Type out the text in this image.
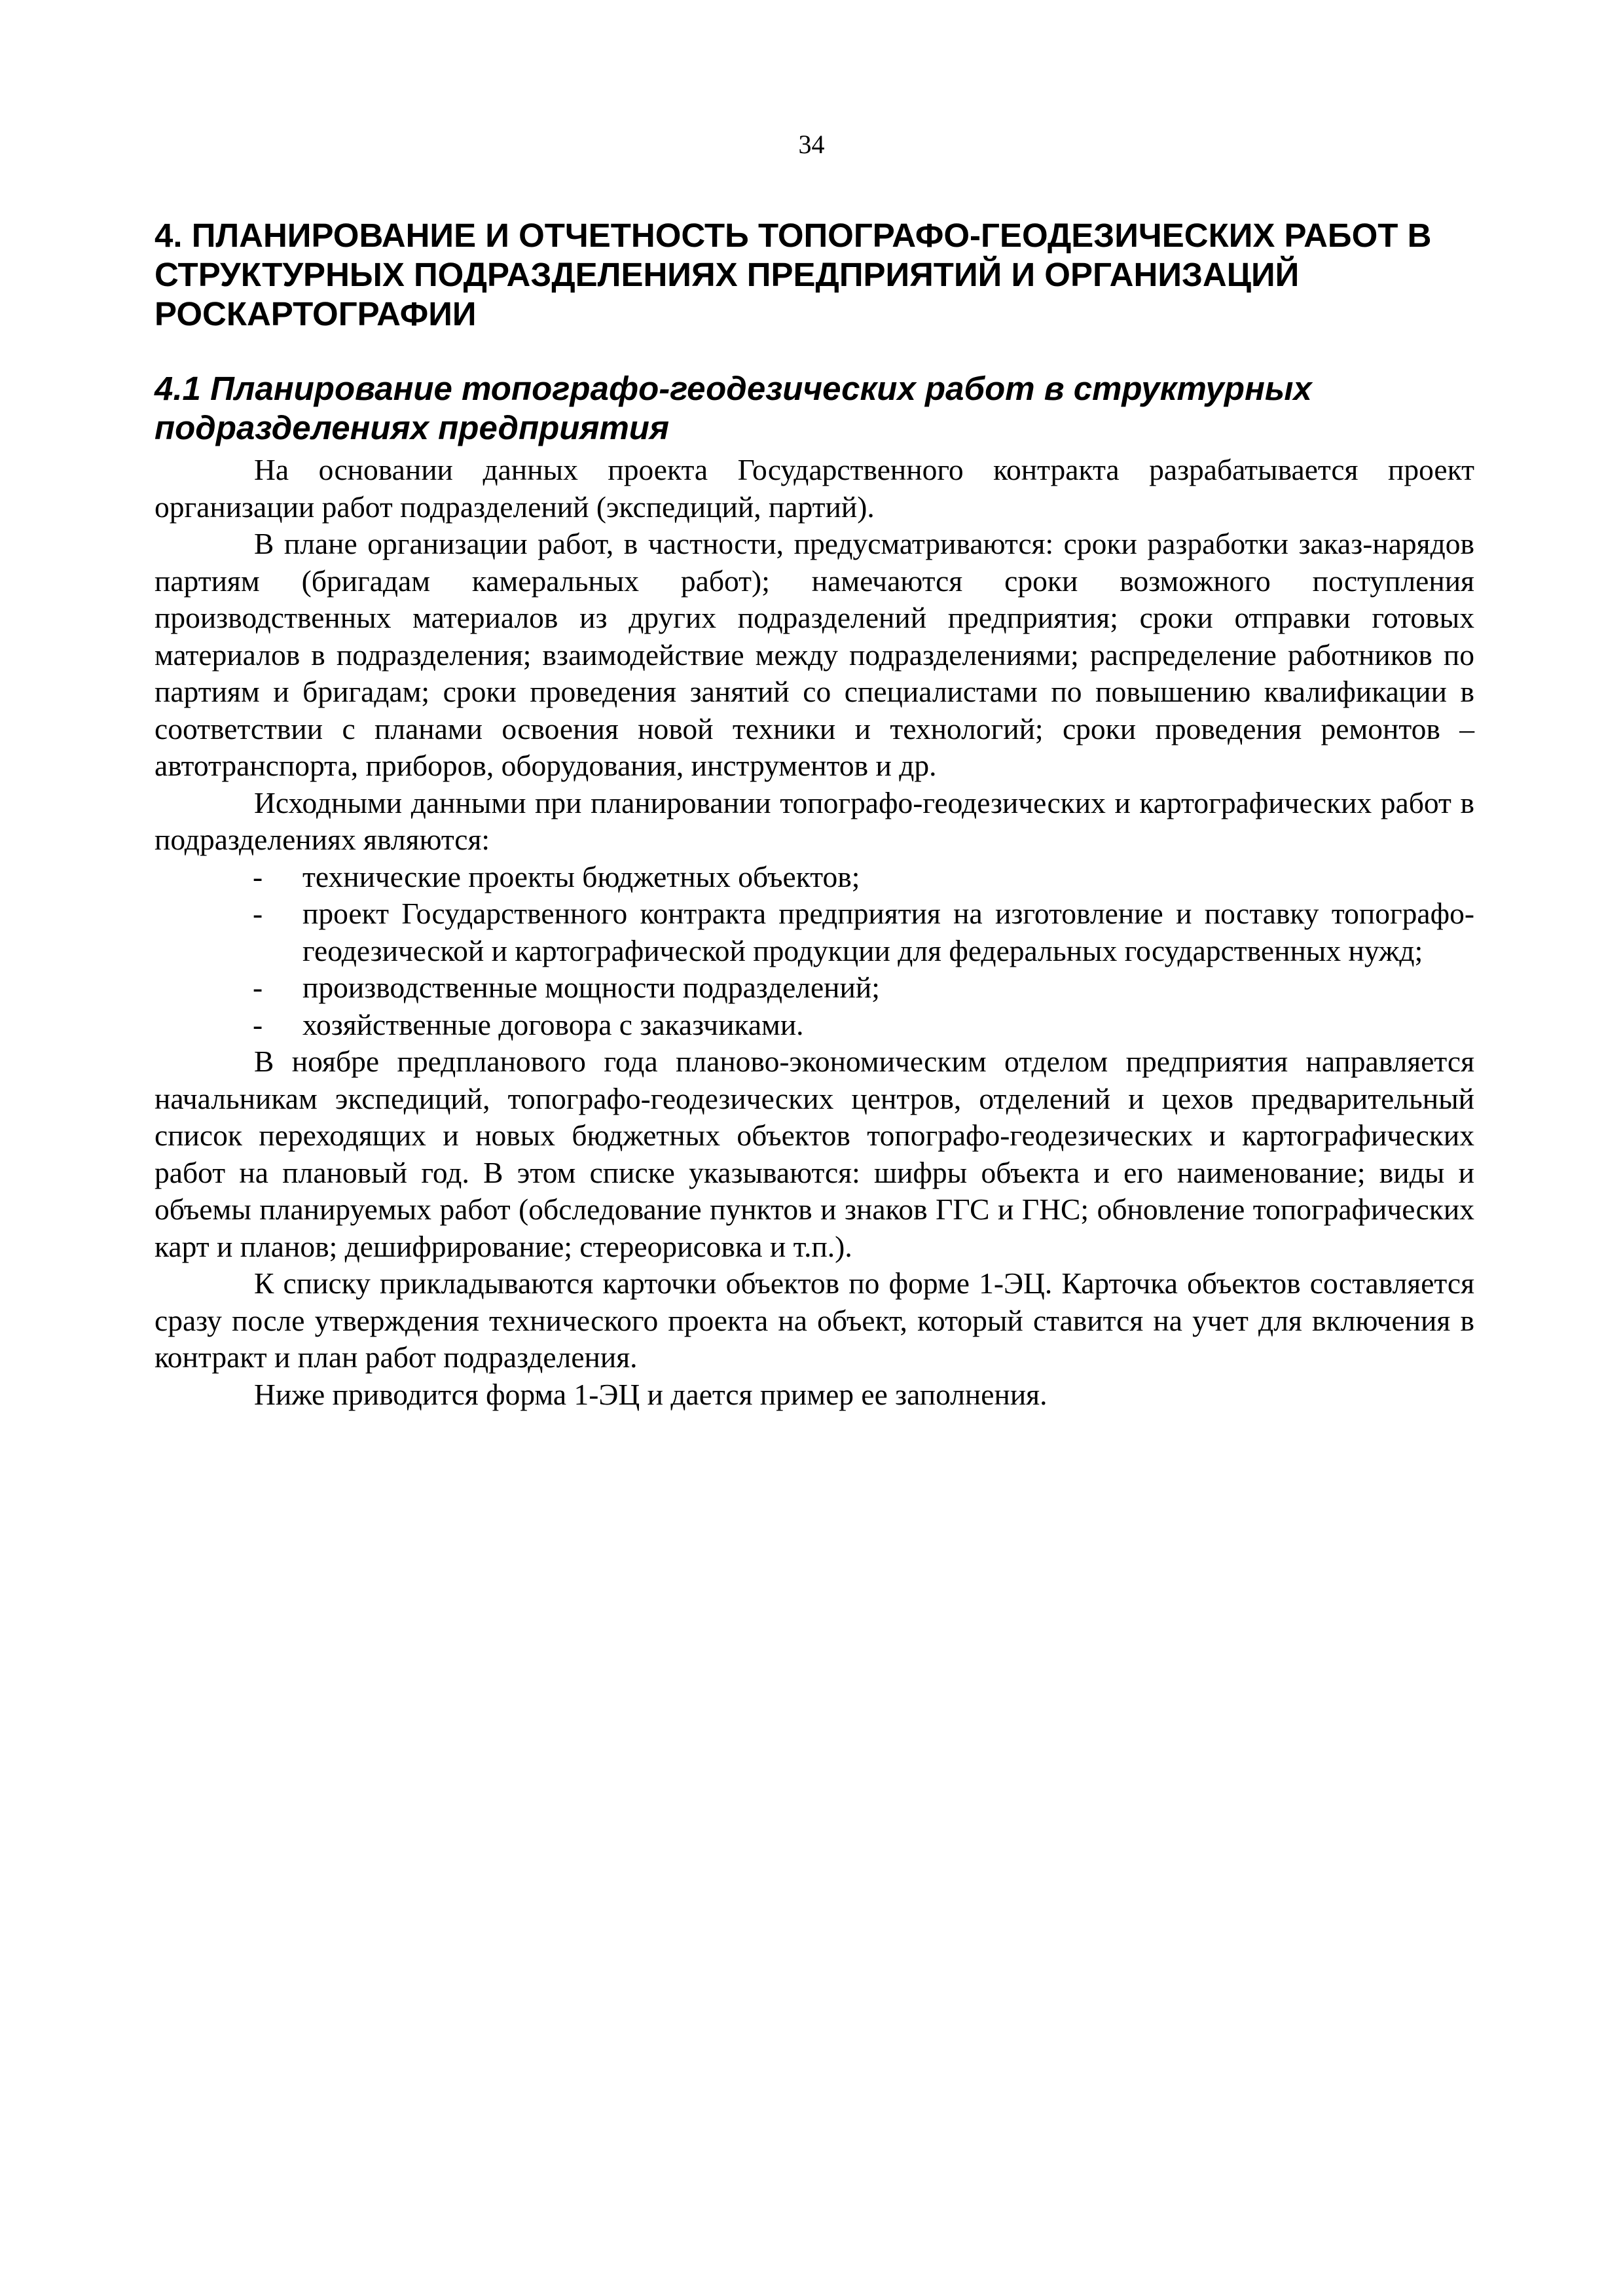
34
4. ПЛАНИРОВАНИЕ И ОТЧЕТНОСТЬ ТОПОГРАФО-ГЕОДЕЗИЧЕСКИХ РАБОТ В СТРУКТУРНЫХ ПОДРАЗДЕЛЕНИЯХ ПРЕДПРИЯТИЙ И ОРГАНИЗАЦИЙ РОСКАРТОГРАФИИ
4.1 Планирование топографо-геодезических работ в структурных подразделениях предприятия

На основании данных проекта Государственного контракта разрабатывается проект организации работ подразделений (экспедиций, партий).

В плане организации работ, в частности, предусматриваются: сроки разработки заказ-нарядов партиям (бригадам камеральных работ); намечаются сроки возможного поступления производственных материалов из других подразделений предприятия; сроки отправки готовых материалов в подразделения; взаимодействие между подразделениями; распределение работников по партиям и бригадам; сроки проведения занятий со специалистами по повышению квалификации в соответствии с планами освоения новой техники и технологий; сроки проведения ремонтов – автотранспорта, приборов, оборудования, инструментов и др.

Исходными данными при планировании топографо-геодезических и картографических работ в подразделениях являются:

- технические проекты бюджетных объектов;
- проект Государственного контракта предприятия на изготовление и поставку топографо-геодезической и картографической продукции для федеральных государственных нужд;
- производственные мощности подразделений;
- хозяйственные договора с заказчиками.

В ноябре предпланового года планово-экономическим отделом предприятия направляется начальникам экспедиций, топографо-геодезических центров, отделений и цехов предварительный список переходящих и новых бюджетных объектов топографо-геодезических и картографических работ на плановый год. В этом списке указываются: шифры объекта и его наименование; виды и объемы планируемых работ (обследование пунктов и знаков ГГС и ГНС; обновление топографических карт и планов; дешифрирование; стереорисовка и т.п.).

К списку прикладываются карточки объектов по форме 1-ЭЦ. Карточка объектов составляется сразу после утверждения технического проекта на объект, который ставится на учет для включения в контракт и план работ подразделения.

Ниже приводится форма 1-ЭЦ и дается пример ее заполнения.
